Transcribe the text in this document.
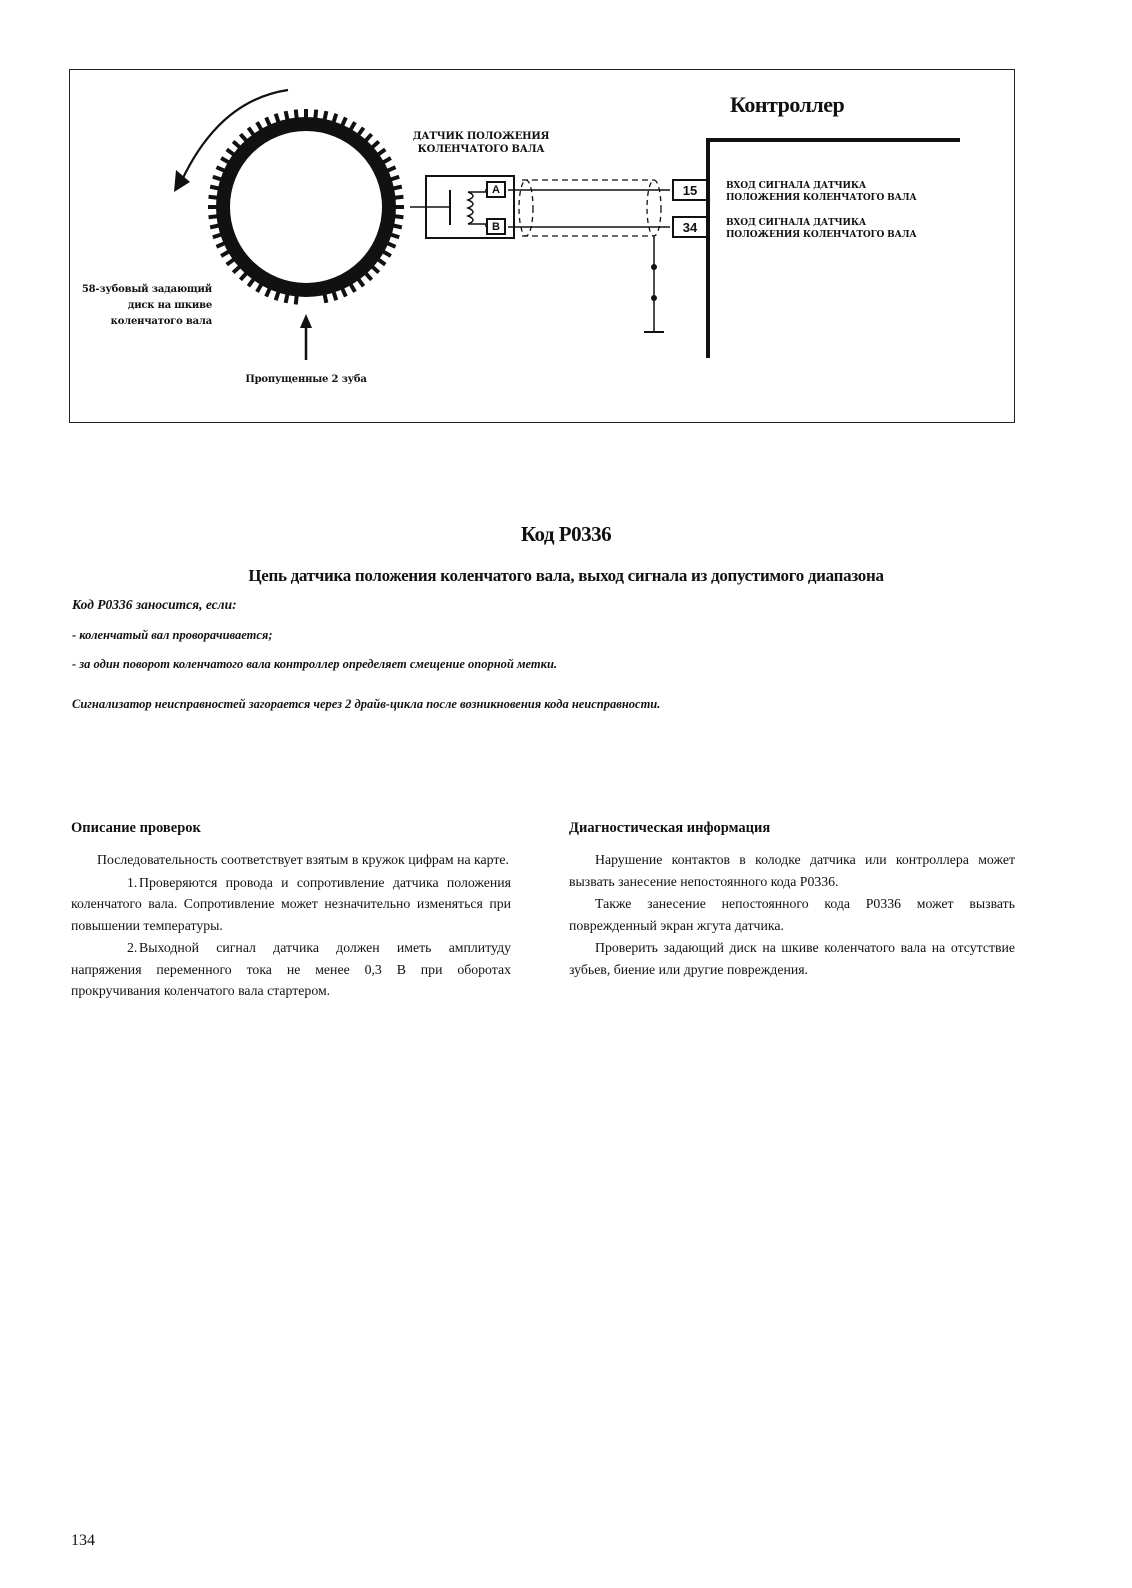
Контроллер
ДАТЧИК ПОЛОЖЕНИЯ
КОЛЕНЧАТОГО ВАЛА
A
B
15
34
ВХОД СИГНАЛА ДАТЧИКА
ПОЛОЖЕНИЯ КОЛЕНЧАТОГО ВАЛА
ВХОД СИГНАЛА ДАТЧИКА
ПОЛОЖЕНИЯ КОЛЕНЧАТОГО ВАЛА
58-зубовый задающий
диск на шкиве
коленчатого вала
Пропущенные 2 зуба
Код P0336
Цепь датчика положения коленчатого вала, выход сигнала из допустимого диапазона
Код P0336 заносится, если:
- коленчатый вал проворачивается;
- за один поворот коленчатого вала контроллер определяет смещение опорной метки.
Сигнализатор неисправностей загорается через 2 драйв-цикла после возникновения кода неисправности.
Описание проверок

Последовательность соответствует взятым в кружок цифрам на карте.

1. Проверяются провода и сопротивление датчика положения коленчатого вала. Сопротивление может незначительно изменяться при повышении температуры.

2. Выходной сигнал датчика должен иметь амплитуду напряжения переменного тока не менее 0,3 В при оборотах прокручивания коленчатого вала стартером.

Диагностическая информация

Нарушение контактов в колодке датчика или контроллера может вызвать занесение непостоянного кода P0336.

Также занесение непостоянного кода P0336 может вызвать поврежденный экран жгута датчика.

Проверить задающий диск на шкиве коленчатого вала на отсутствие зубьев, биение или другие повреждения.

134
